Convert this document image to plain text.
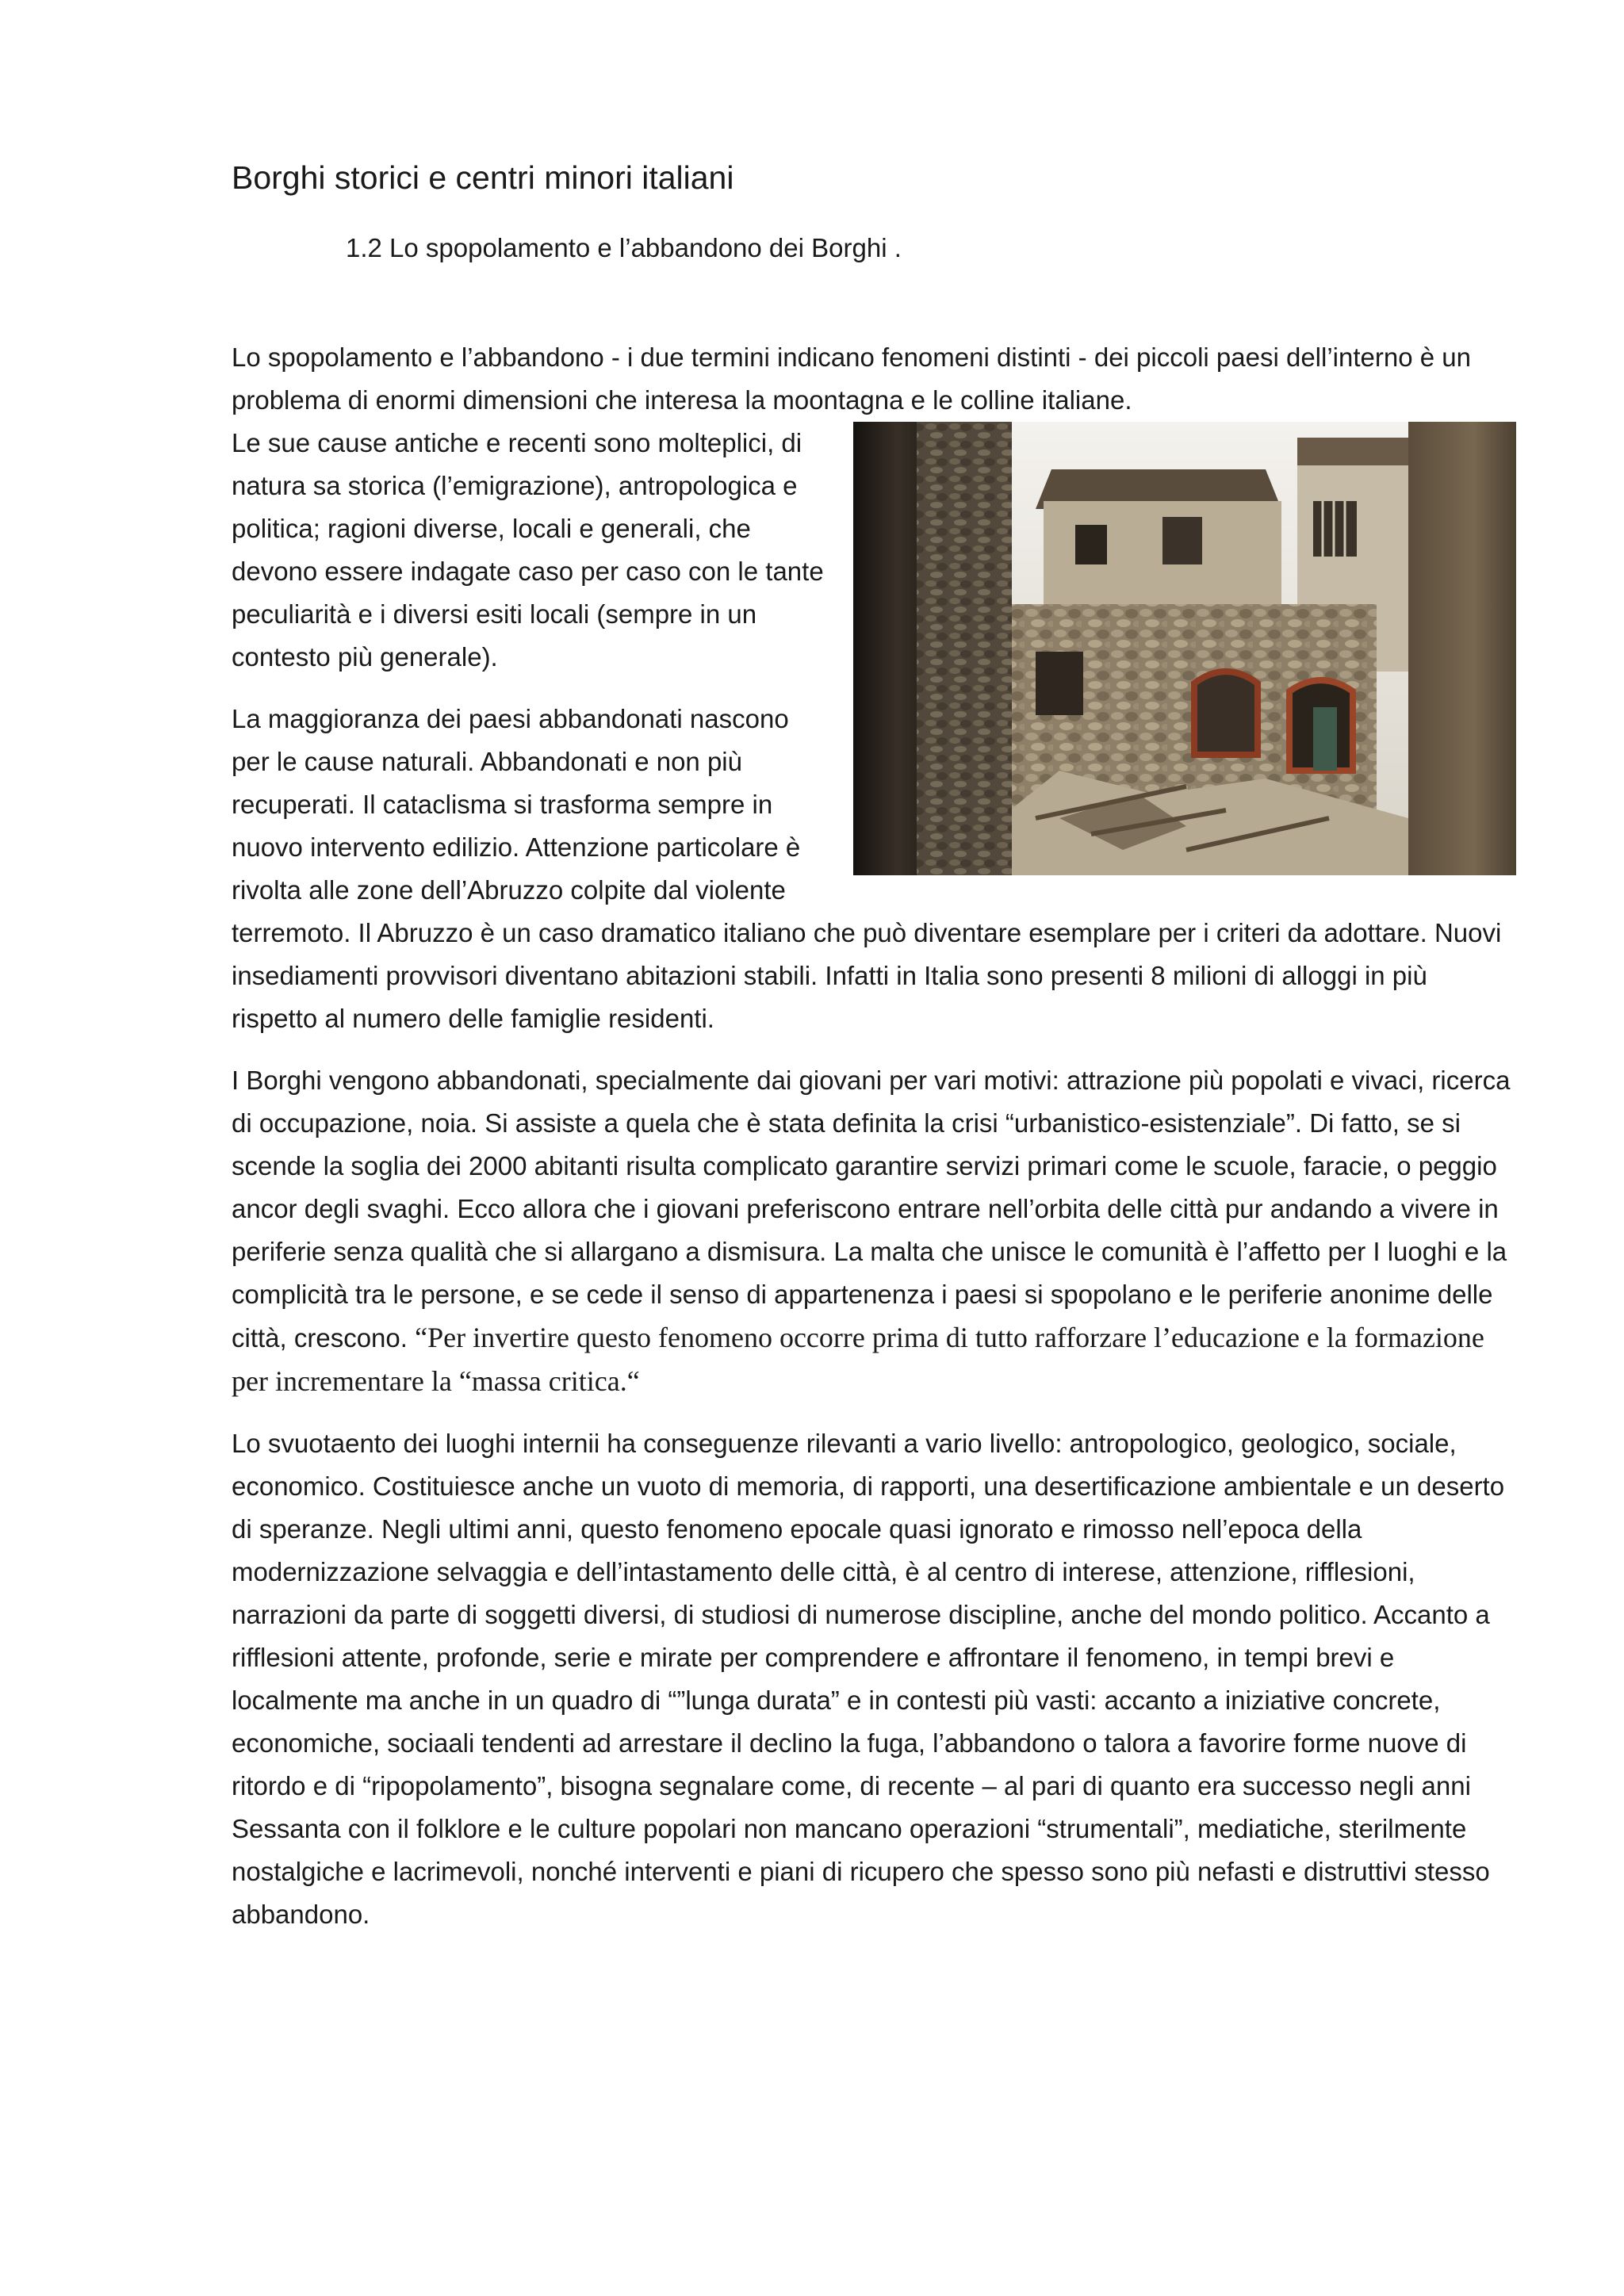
Borghi storici e centri minori italiani
1.2 Lo spopolamento e l’abbandono dei Borghi .

Lo spopolamento e l’abbandono - i due termini indicano fenomeni distinti - dei piccoli paesi dell’interno è un problema di enormi dimensioni che interesa la moontagna e le colline italiane.

Le sue cause antiche e recenti sono molteplici, di natura sa storica (l’emigrazione), antropologica e politica; ragioni diverse, locali e generali, che devono essere indagate caso per caso con le tante peculiarità e i diversi esiti locali (sempre in un contesto più generale).

La maggioranza dei paesi abbandonati nascono per le cause naturali. Abbandonati e non più recuperati. Il cataclisma si trasforma sempre in nuovo intervento edilizio. Attenzione particolare è rivolta alle zone dell’Abruzzo colpite dal violente terremoto. Il Abruzzo è un caso dramatico italiano che può diventare esemplare per i criteri da adottare. Nuovi insediamenti provvisori diventano abitazioni stabili. Infatti in Italia sono presenti 8 milioni di alloggi in più rispetto al numero delle famiglie residenti.

I Borghi vengono abbandonati, specialmente dai giovani per vari motivi: attrazione più popolati e vivaci, ricerca di occupazione, noia. Si assiste a quela che è stata definita la crisi “urbanistico-esistenziale”. Di fatto, se si scende la soglia dei 2000 abitanti risulta complicato garantire servizi primari come le scuole, faracie, o peggio ancor degli svaghi. Ecco allora che i giovani preferiscono entrare nell’orbita delle città pur andando a vivere in periferie senza qualità che si allargano a dismisura. La malta che unisce le comunità è l’affetto per I luoghi e la complicità tra le persone, e se cede il senso di appartenenza i paesi si spopolano e le periferie anonime delle città, crescono. “Per invertire questo fenomeno occorre prima di tutto rafforzare l’educazione e la formazione per incrementare la “massa critica.“

Lo svuotaento dei luoghi internii ha conseguenze rilevanti a vario livello: antropologico, geologico, sociale, economico. Costituiesce anche un vuoto di memoria, di rapporti, una desertificazione ambientale e un deserto di speranze. Negli ultimi anni, questo fenomeno epocale quasi ignorato e rimosso nell’epoca della modernizzazione selvaggia e dell’intastamento delle città, è al centro di interese, attenzione, rifflesioni, narrazioni da parte di soggetti diversi, di studiosi di numerose discipline, anche del mondo politico. Accanto a rifflesioni attente, profonde, serie e mirate per comprendere e affrontare il fenomeno, in tempi brevi e localmente ma anche in un quadro di “”lunga durata” e in contesti più vasti: accanto a iniziative concrete, economiche, sociaali tendenti ad arrestare il declino la fuga, l’abbandono o talora a favorire forme nuove di ritordo e di “ripopolamento”, bisogna segnalare come, di recente – al pari di quanto era successo negli anni Sessanta con il folklore e le culture popolari non mancano operazioni “strumentali”, mediatiche, sterilmente nostalgiche e lacrimevoli, nonché interventi e piani di ricupero che spesso sono più nefasti e distruttivi stesso abbandono.
